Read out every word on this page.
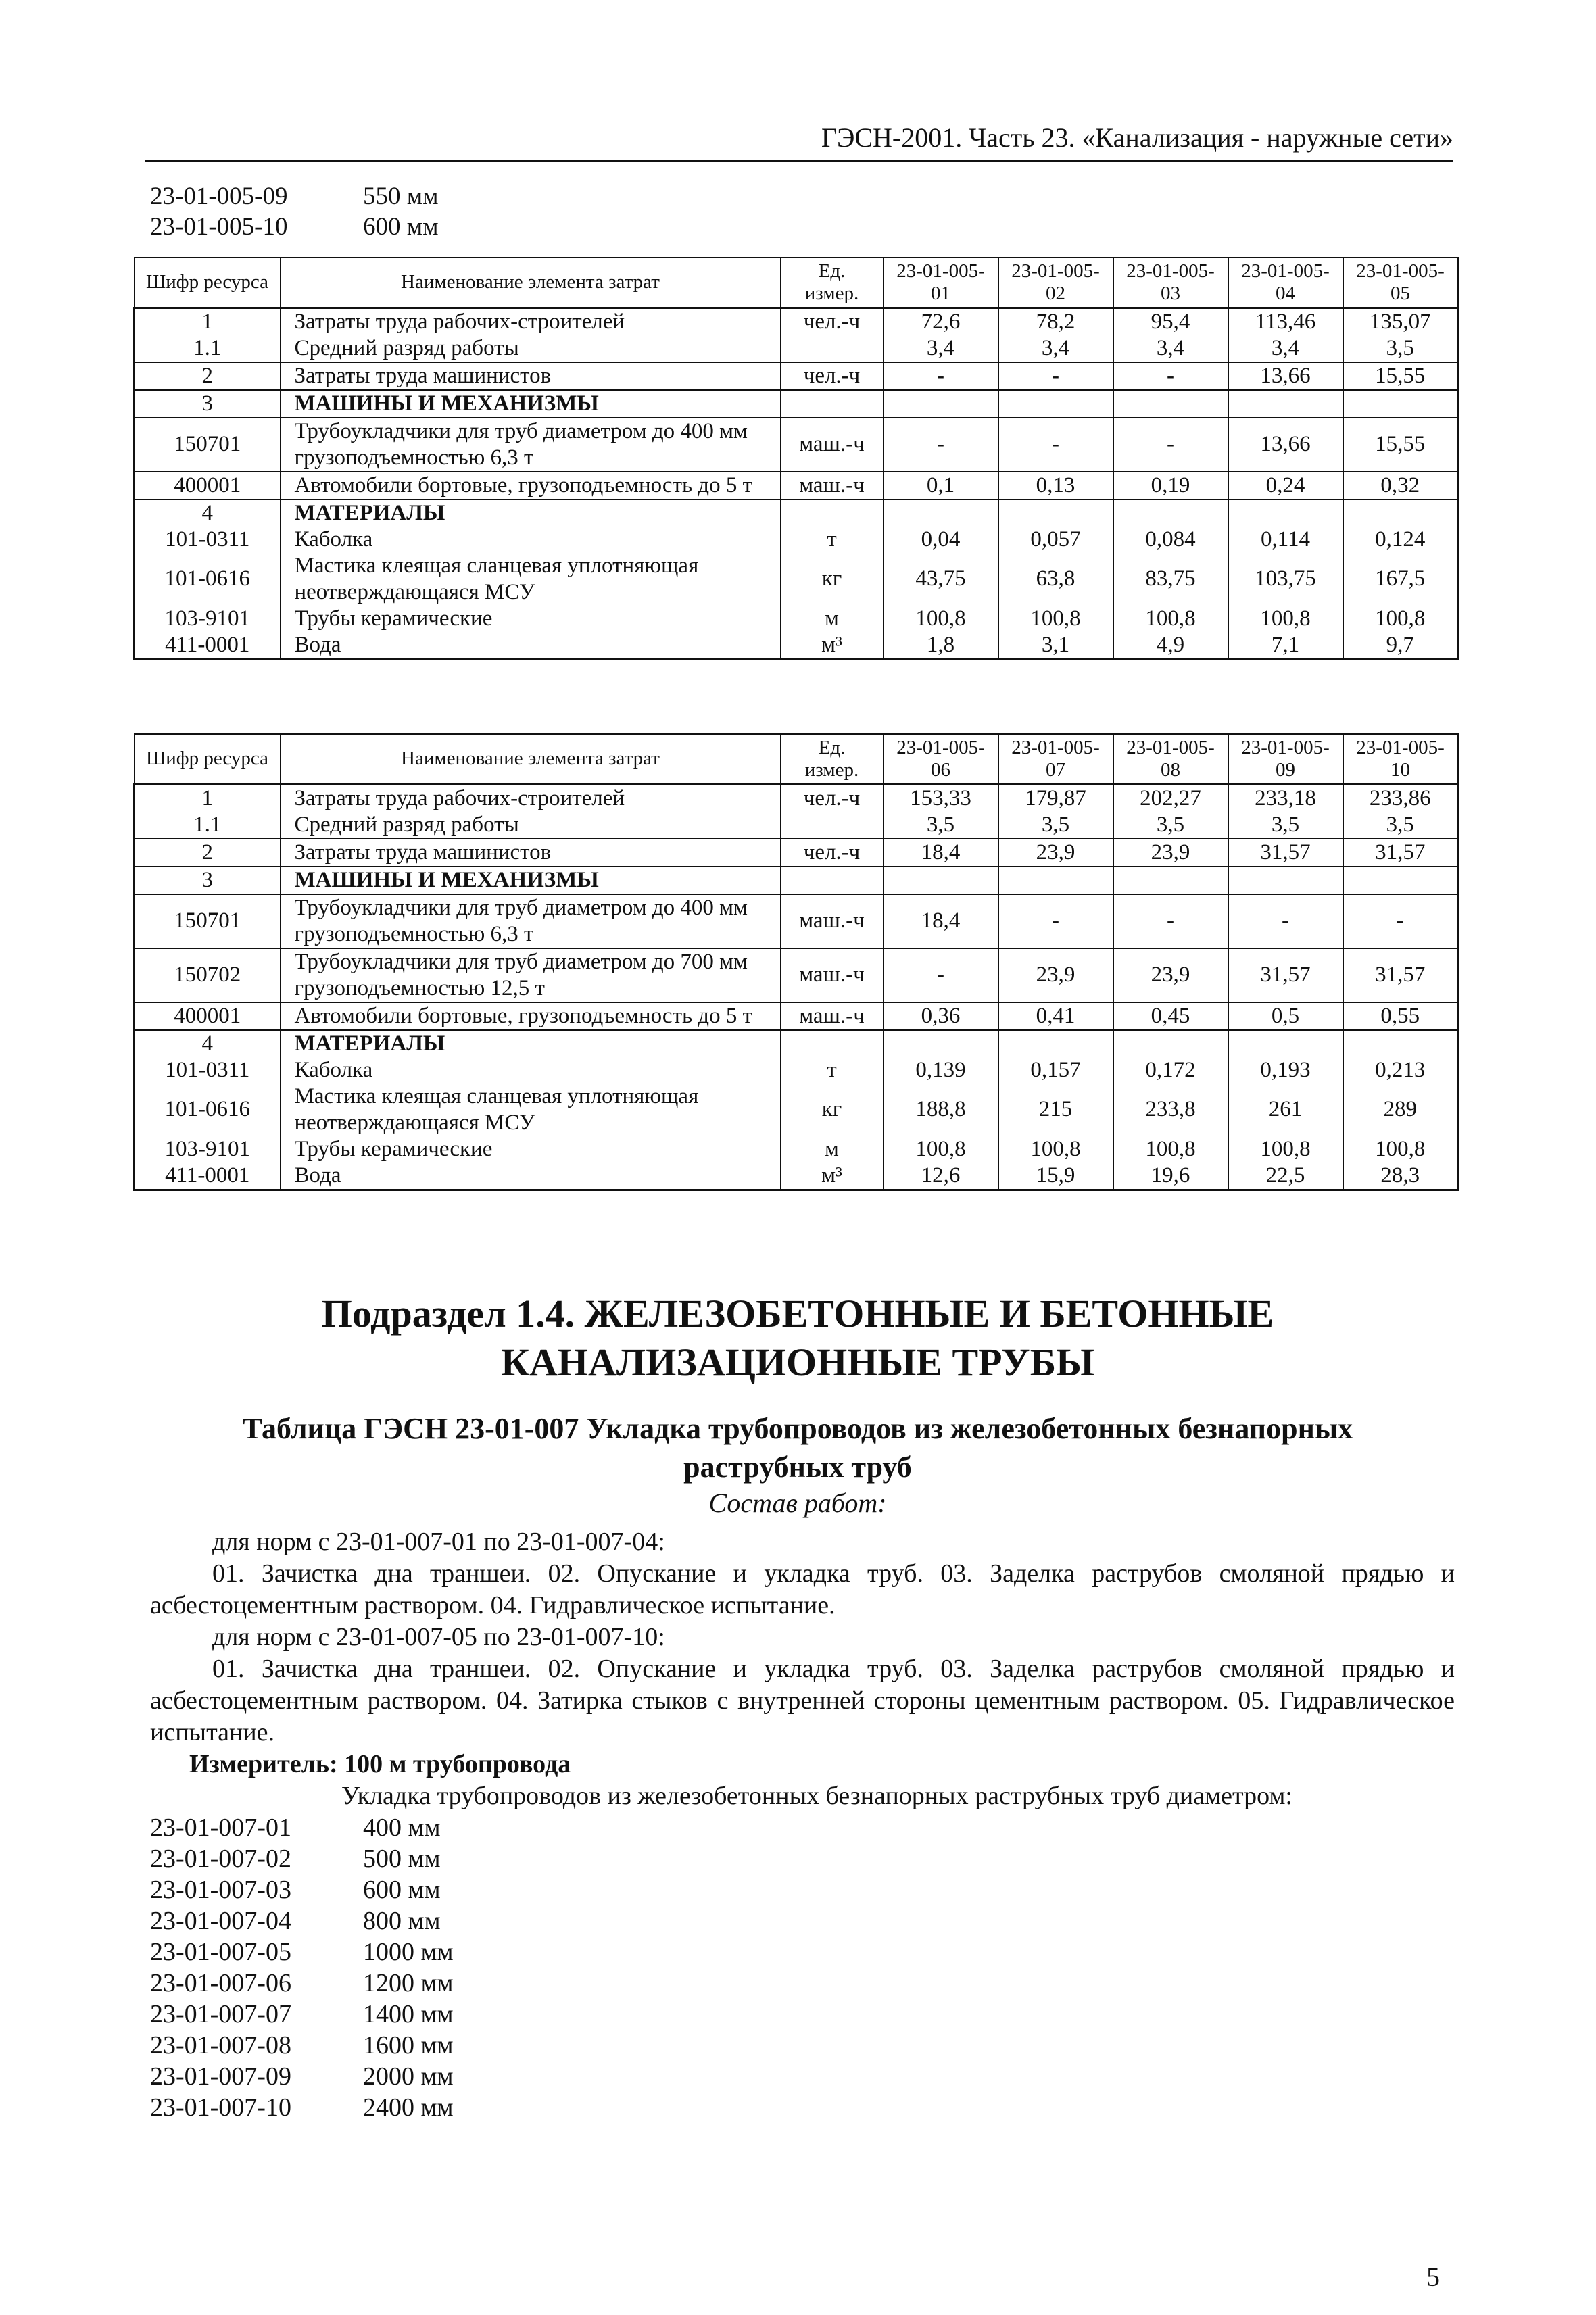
ГЭСН-2001. Часть 23. «Канализация - наружные сети»
23-01-005-09	550 мм
23-01-005-10	600 мм
Шифр ресурса	Наименование элемента затрат	Ед. измер.	23-01-005-01	23-01-005-02	23-01-005-03	23-01-005-04	23-01-005-05
1	Затраты труда рабочих-строителей	чел.-ч	72,6	78,2	95,4	113,46	135,07
1.1	Средний разряд работы		3,4	3,4	3,4	3,4	3,5
2	Затраты труда машинистов	чел.-ч	-	-	-	13,66	15,55
3	МАШИНЫ И МЕХАНИЗМЫ						
150701	Трубоукладчики для труб диаметром до 400 мм грузоподъемностью 6,3 т	маш.-ч	-	-	-	13,66	15,55
400001	Автомобили бортовые, грузоподъемность до 5 т	маш.-ч	0,1	0,13	0,19	0,24	0,32
4	МАТЕРИАЛЫ						
101-0311	Каболка	т	0,04	0,057	0,084	0,114	0,124
101-0616	Мастика клеящая сланцевая уплотняющая неотверждающаяся МСУ	кг	43,75	63,8	83,75	103,75	167,5
103-9101	Трубы керамические	м	100,8	100,8	100,8	100,8	100,8
411-0001	Вода	м³	1,8	3,1	4,9	7,1	9,7
Шифр ресурса	Наименование элемента затрат	Ед. измер.	23-01-005-06	23-01-005-07	23-01-005-08	23-01-005-09	23-01-005-10
1	Затраты труда рабочих-строителей	чел.-ч	153,33	179,87	202,27	233,18	233,86
1.1	Средний разряд работы		3,5	3,5	3,5	3,5	3,5
2	Затраты труда машинистов	чел.-ч	18,4	23,9	23,9	31,57	31,57
3	МАШИНЫ И МЕХАНИЗМЫ						
150701	Трубоукладчики для труб диаметром до 400 мм грузоподъемностью 6,3 т	маш.-ч	18,4	-	-	-	-
150702	Трубоукладчики для труб диаметром до 700 мм грузоподъемностью 12,5 т	маш.-ч	-	23,9	23,9	31,57	31,57
400001	Автомобили бортовые, грузоподъемность до 5 т	маш.-ч	0,36	0,41	0,45	0,5	0,55
4	МАТЕРИАЛЫ						
101-0311	Каболка	т	0,139	0,157	0,172	0,193	0,213
101-0616	Мастика клеящая сланцевая уплотняющая неотверждающаяся МСУ	кг	188,8	215	233,8	261	289
103-9101	Трубы керамические	м	100,8	100,8	100,8	100,8	100,8
411-0001	Вода	м³	12,6	15,9	19,6	22,5	28,3
Подраздел 1.4. ЖЕЛЕЗОБЕТОННЫЕ И БЕТОННЫЕ
КАНАЛИЗАЦИОННЫЕ ТРУБЫ
Таблица ГЭСН 23-01-007 Укладка трубопроводов из железобетонных безнапорных
раструбных труб
Состав работ:
для норм с 23-01-007-01 по 23-01-007-04:
01. Зачистка дна траншеи. 02. Опускание и укладка труб. 03. Заделка раструбов смоляной прядью и асбестоцементным раствором. 04. Гидравлическое испытание.
для норм с 23-01-007-05 по 23-01-007-10:
01. Зачистка дна траншеи. 02. Опускание и укладка труб. 03. Заделка раструбов смоляной прядью и асбестоцементным раствором. 04. Затирка стыков с внутренней стороны цементным раствором. 05. Гидравлическое испытание.
Измеритель: 100 м трубопровода
Укладка трубопроводов из железобетонных безнапорных раструбных труб диаметром:
23-01-007-01	400 мм
23-01-007-02	500 мм
23-01-007-03	600 мм
23-01-007-04	800 мм
23-01-007-05	1000 мм
23-01-007-06	1200 мм
23-01-007-07	1400 мм
23-01-007-08	1600 мм
23-01-007-09	2000 мм
23-01-007-10	2400 мм
5
